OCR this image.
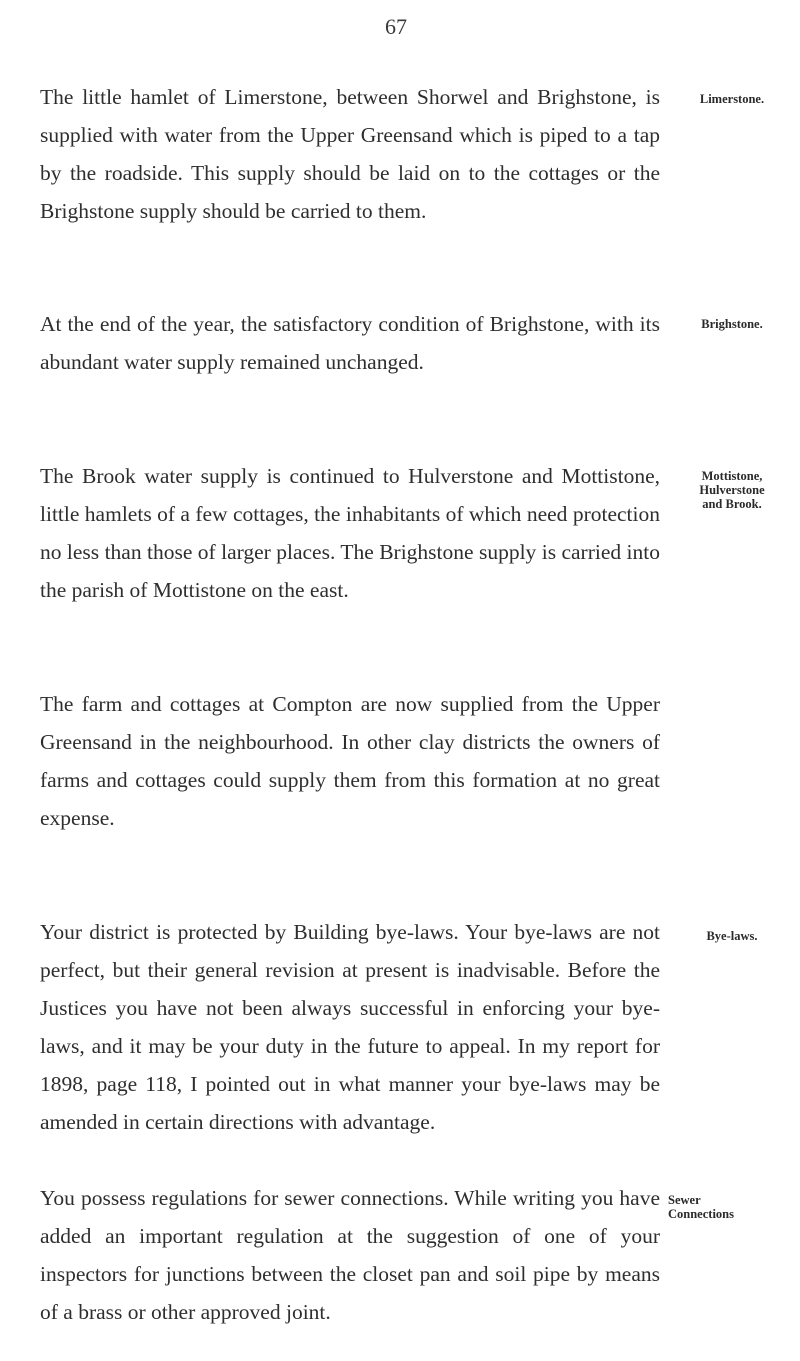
67

The little hamlet of Limerstone, between Shorwel and Brighstone, is supplied with water from the Upper Greensand which is piped to a tap by the roadside. This supply should be laid on to the cottages or the Brighstone supply should be carried to them.

Limerstone.

At the end of the year, the satisfactory condition of Brighstone, with its abundant water supply remained unchanged.

Brighstone.

The Brook water supply is continued to Hulverstone and Mottistone, little hamlets of a few cottages, the inhabitants of which need protection no less than those of larger places. The Brighstone supply is carried into the parish of Mottistone on the east.

Mottistone,
Hulverstone
and Brook.

The farm and cottages at Compton are now supplied from the Upper Greensand in the neighbourhood. In other clay districts the owners of farms and cottages could supply them from this formation at no great expense.

Your district is protected by Building bye-laws. Your bye-laws are not perfect, but their general revision at present is inadvisable. Before the Justices you have not been always successful in enforcing your bye-laws, and it may be your duty in the future to appeal. In my report for 1898, page 118, I pointed out in what manner your bye-laws may be amended in certain directions with advantage.

Bye-laws.

You possess regulations for sewer connections. While writing you have added an important regulation at the suggestion of one of your inspectors for junctions between the closet pan and soil pipe by means of a brass or other approved joint.

Sewer
Connections
